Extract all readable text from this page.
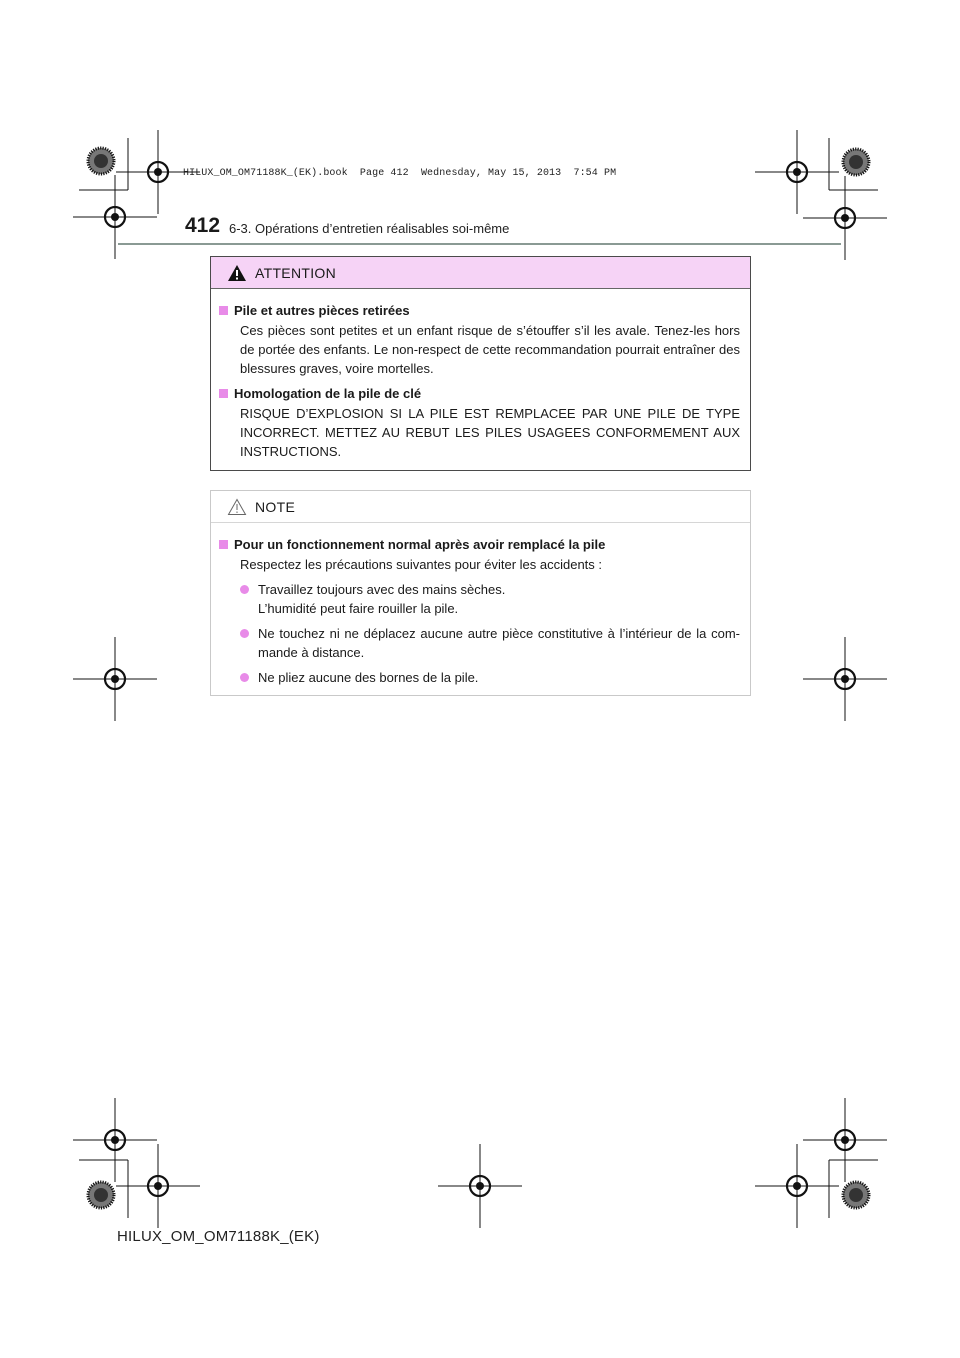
HILUX_OM_OM71188K_(EK).book  Page 412  Wednesday, May 15, 2013  7:54 PM
412 6-3. Opérations d’entretien réalisables soi-même
ATTENTION
Pile et autres pièces retirées
Ces pièces sont petites et un enfant risque de s’étouffer s’il les avale. Tenez-les hors de portée des enfants. Le non-respect de cette recommandation pourrait entraîner des blessures graves, voire mortelles.
Homologation de la pile de clé
RISQUE D’EXPLOSION SI LA PILE EST REMPLACEE PAR UNE PILE DE TYPE INCORRECT. METTEZ AU REBUT LES PILES USAGEES CONFORMEMENT AUX INSTRUCTIONS.
NOTE
Pour un fonctionnement normal après avoir remplacé la pile
Respectez les précautions suivantes pour éviter les accidents :
Travaillez toujours avec des mains sèches.
L’humidité peut faire rouiller la pile.
Ne touchez ni ne déplacez aucune autre pièce constitutive à l’intérieur de la com-mande à distance.
Ne pliez aucune des bornes de la pile.
HILUX_OM_OM71188K_(EK)
